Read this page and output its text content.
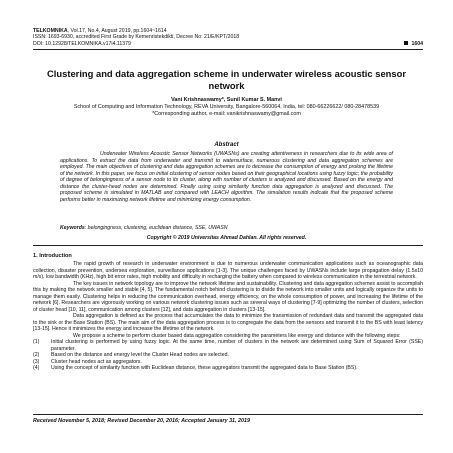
TELKOMNIKA, Vol.17, No.4, August 2019, pp.1604~1614
ISSN: 1693-6930, accredited First Grade by Kemenristekdikti, Decree No: 21/E/KPT/2018
DOI: 10.12928/TELKOMNIKA.v17i4.11379	1604
Clustering and data aggregation scheme in underwater wireless acoustic sensor network
Vani Krishnaswamy*, Sunil Kumar S. Manvi
School of Computing and Information Technology, REVA University, Bangalore-560064, India, tel: 080-66226622/ 080-28478539
*Corresponding author, e-mail: vanikrishnaswamy@gmail.com
Abstract
Underwater Wireless Acoustic Sensor Networks (UWASNs) are creating attentiveness in researchers due to its wide area of applications. To extract the data from underwater and transmit to watersurface, numerous clustering and data aggregation schemes are employed. The main objectives of clustering and data aggregation schemes are to decrease the consumption of energy and prolong the lifetime of the network. In this paper, we focus on initial clustering of sensor nodes based on their geographical locations using fuzzy logic; the probability of degree of belongingness of a sensor node to its cluster, along with number of clusters is analyzed and discussed. Based on the energy and distance the cluster-head nodes are determined. Finally using using similarity function data aggregation is analyzed and discussed. The proposed scheme is simulated in MATLAB and compared with LEACH algorithm. The simulation results indicate that the proposed scheme performs better in maximizing network lifetime and minimizing energy consumption.
Keywords: belongingness, clustering, euclidean distance, SSE, UWASN
Copyright © 2019 Universitas Ahmad Dahlan. All rights reserved.
1. Introduction

The rapid growth of research in underwater environment is due to numerous underwater communication applications such as oceanographic data collection, disaster prevention, undersea exploration, surveillance applications [1-3]. The unique challenges faced by UWASNs include large propagation delay (1.5x10 m/s), low bandwidth (KHz), high bit error rates, high mobility and difficulty in recharging the battery when compared to wireless communication in the terrestrial network.

The key issues in network topology are to improve the network lifetime and sustainability. Clustering and data aggregation schemes assist to accomplish this by making the network smaller and stable [4, 5]. The fundamental notch behind clustering is to divide the network into smaller units and logically organize the units to manage them easily. Clustering helps in reducing the communication overhead, energy efficiency, on the whole consumption of power, and increasing the lifetime of the network [6]. Researchers are vigorously working on various network clustering issues such as several ways of clustering [7-9] optimizing the number of clusters, selection of cluster head [10, 11], communication among clusters [12], and data aggregation in clusters [13-15].

Data aggregation is defined as the process that accumulates the data to minimize the transmission of redundant data and transmit the aggregated data to the sink or the Base Station (BS). The main aim of the data aggregation process is to congregate the data from the sensors and transmit it to the BS with least latency [13-15]. Hence it minimizes the energy and increase the lifetime of the network.

We propose a scheme to perform cluster based data aggregation considering the parameters like energy and distance with the following steps:

(1) Initial clustering is performed by using fuzzy logic. At the same time, number of clusters in the network are determined using Sum of Squared Error (SSE) parameter.
(2) Based on the distance and energy level the Cluster Head nodes are selected.
(3) Cluster head nodes act as aggregators.
(4) Using the concept of similarity function with Euclidean distance, these aggregators transmit the aggregated data to Base Station (BS).
Received November 5, 2018; Revised December 20, 2016; Accepted January 31, 2019
